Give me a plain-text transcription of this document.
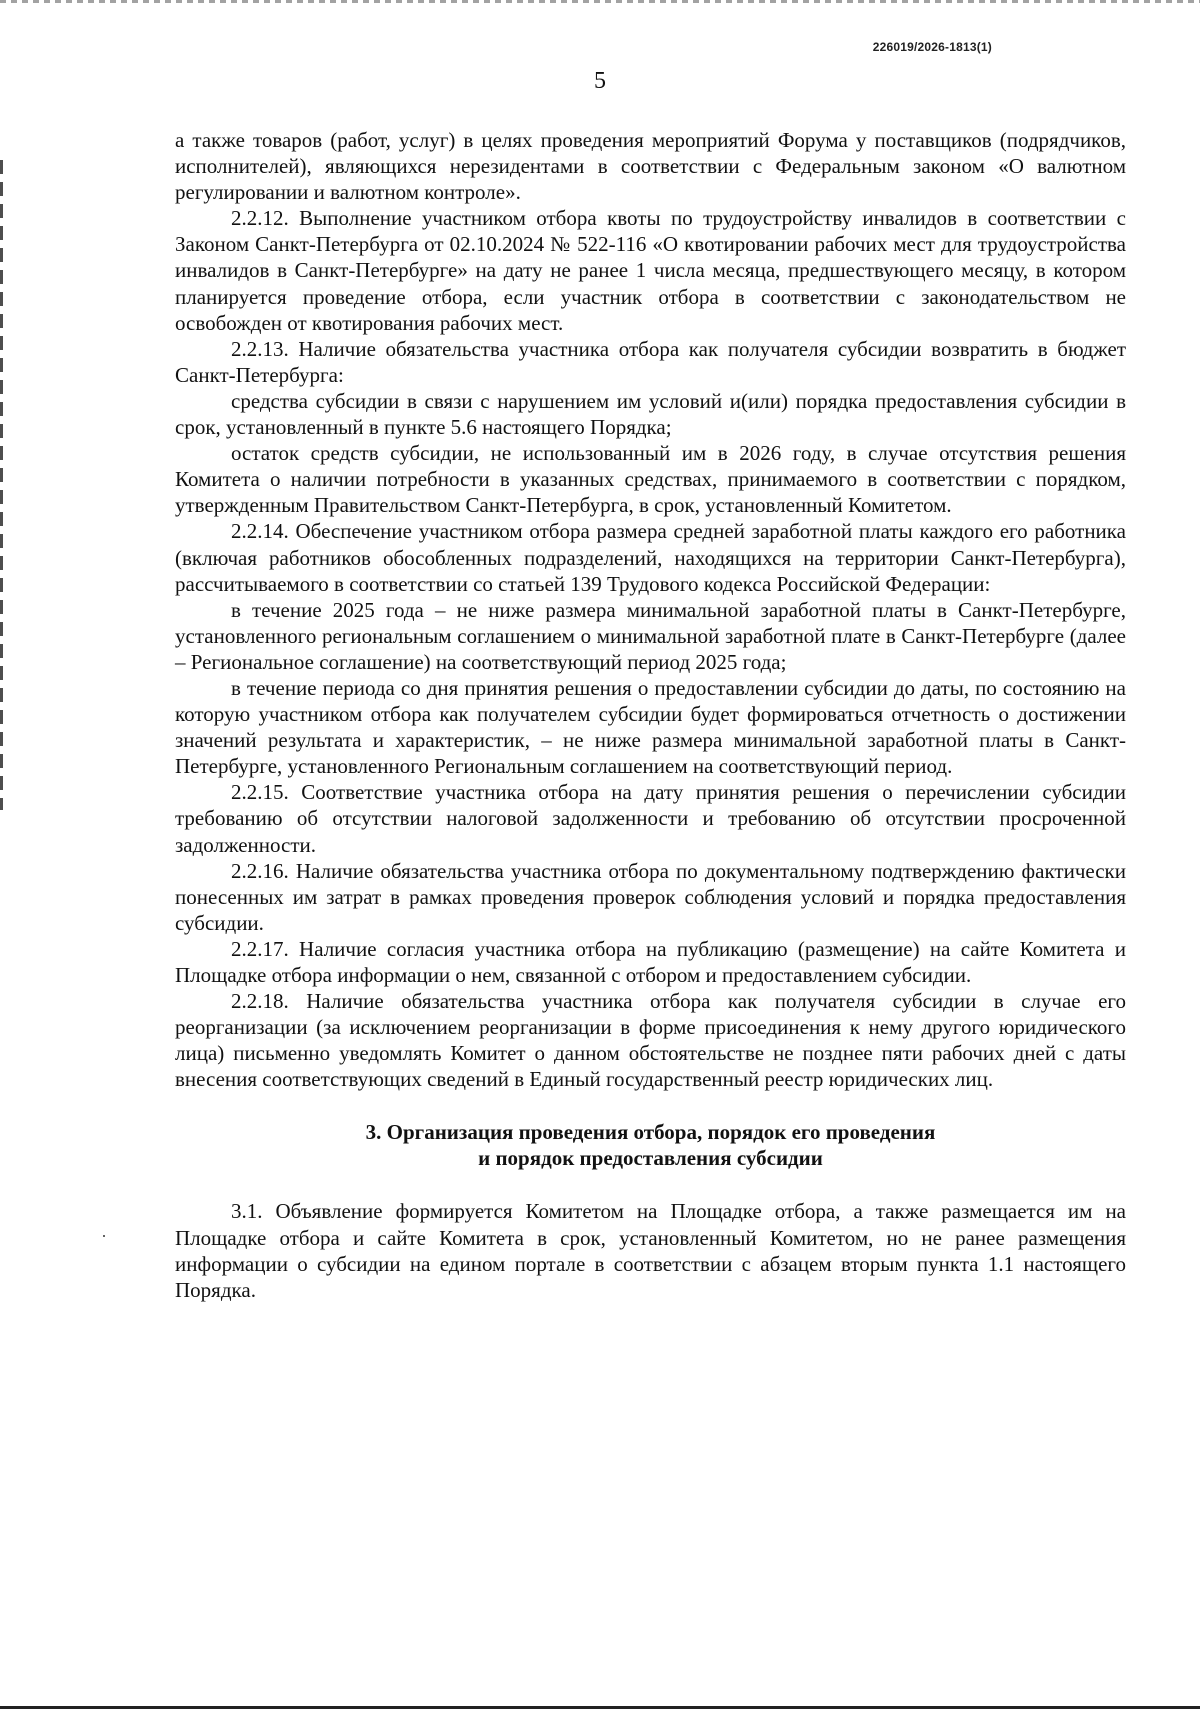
226019/2026-1813(1)
5

а также товаров (работ, услуг) в целях проведения мероприятий Форума у поставщиков (подрядчиков, исполнителей), являющихся нерезидентами в соответствии с Федеральным законом «О валютном регулировании и валютном контроле».

2.2.12. Выполнение участником отбора квоты по трудоустройству инвалидов в соответствии с Законом Санкт-Петербурга от 02.10.2024 № 522-116 «О квотировании рабочих мест для трудоустройства инвалидов в Санкт-Петербурге» на дату не ранее 1 числа месяца, предшествующего месяцу, в котором планируется проведение отбора, если участник отбора в соответствии с законодательством не освобожден от квотирования рабочих мест.

2.2.13. Наличие обязательства участника отбора как получателя субсидии возвратить в бюджет Санкт-Петербурга:

средства субсидии в связи с нарушением им условий и(или) порядка предоставления субсидии в срок, установленный в пункте 5.6 настоящего Порядка;

остаток средств субсидии, не использованный им в 2026 году, в случае отсутствия решения Комитета о наличии потребности в указанных средствах, принимаемого в соответствии с порядком, утвержденным Правительством Санкт-Петербурга, в срок, установленный Комитетом.

2.2.14. Обеспечение участником отбора размера средней заработной платы каждого его работника (включая работников обособленных подразделений, находящихся на территории Санкт-Петербурга), рассчитываемого в соответствии со статьей 139 Трудового кодекса Российской Федерации:

в течение 2025 года – не ниже размера минимальной заработной платы в Санкт-Петербурге, установленного региональным соглашением о минимальной заработной плате в Санкт-Петербурге (далее – Региональное соглашение) на соответствующий период 2025 года;

в течение периода со дня принятия решения о предоставлении субсидии до даты, по состоянию на которую участником отбора как получателем субсидии будет формироваться отчетность о достижении значений результата и характеристик, – не ниже размера минимальной заработной платы в Санкт-Петербурге, установленного Региональным соглашением на соответствующий период.

2.2.15. Соответствие участника отбора на дату принятия решения о перечислении субсидии требованию об отсутствии налоговой задолженности и требованию об отсутствии просроченной задолженности.

2.2.16. Наличие обязательства участника отбора по документальному подтверждению фактически понесенных им затрат в рамках проведения проверок соблюдения условий и порядка предоставления субсидии.

2.2.17. Наличие согласия участника отбора на публикацию (размещение) на сайте Комитета и Площадке отбора информации о нем, связанной с отбором и предоставлением субсидии.

2.2.18. Наличие обязательства участника отбора как получателя субсидии в случае его реорганизации (за исключением реорганизации в форме присоединения к нему другого юридического лица) письменно уведомлять Комитет о данном обстоятельстве не позднее пяти рабочих дней с даты внесения соответствующих сведений в Единый государственный реестр юридических лиц.

3. Организация проведения отбора, порядок его проведения
и порядок предоставления субсидии

3.1. Объявление формируется Комитетом на Площадке отбора, а также размещается им на Площадке отбора и сайте Комитета в срок, установленный Комитетом, но не ранее размещения информации о субсидии на едином портале в соответствии с абзацем вторым пункта 1.1 настоящего Порядка.
